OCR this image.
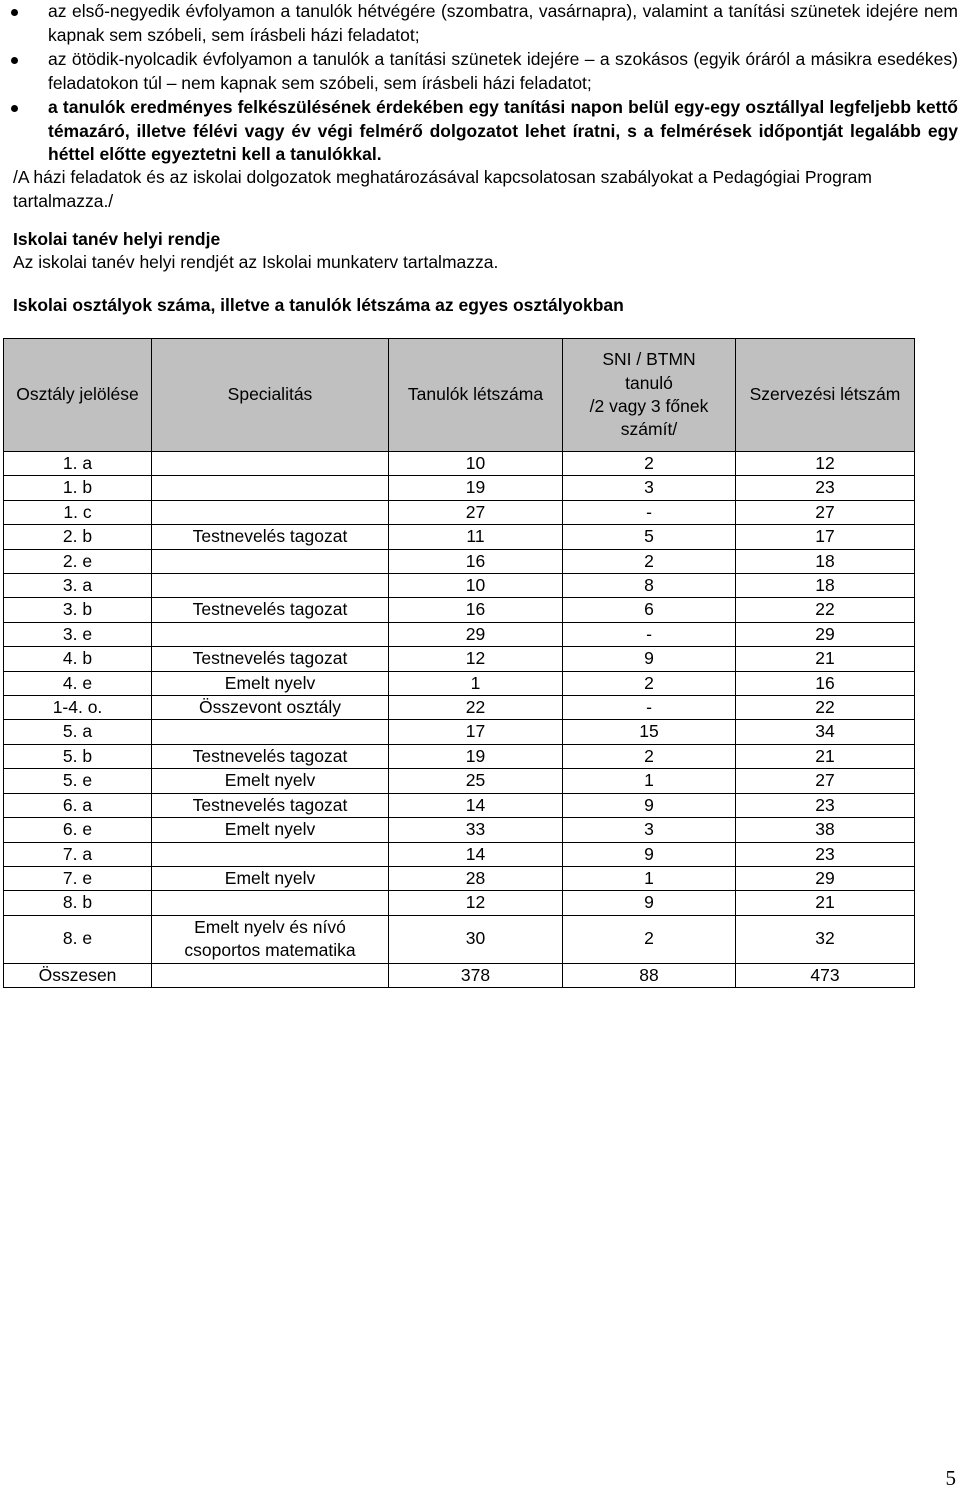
az első-negyedik évfolyamon a tanulók hétvégére (szombatra, vasárnapra), valamint a tanítási szünetek idejére nem kapnak sem szóbeli, sem írásbeli házi feladatot;
az ötödik-nyolcadik évfolyamon a tanulók a tanítási szünetek idejére – a szokásos (egyik óráról a másikra esedékes) feladatokon túl – nem kapnak sem szóbeli, sem írásbeli házi feladatot;
a tanulók eredményes felkészülésének érdekében egy tanítási napon belül egy-egy osztállyal legfeljebb kettő témazáró, illetve félévi vagy év végi felmérő dolgozatot lehet íratni, s a felmérések időpontját legalább egy héttel előtte egyeztetni kell a tanulókkal.

/A házi feladatok és az iskolai dolgozatok meghatározásával kapcsolatosan szabályokat a Pedagógiai Program tartalmazza./

Iskolai tanév helyi rendje

Az iskolai tanév helyi rendjét az Iskolai munkaterv tartalmazza.

Iskolai osztályok száma, illetve a tanulók létszáma az egyes osztályokban

Osztály jelölése	Specialitás	Tanulók létszáma	SNI / BTMN
tanuló
/2 vagy 3 főnek számít/	Szervezési létszám
1. a		10	2	12
1. b		19	3	23
1. c		27	-	27
2. b	Testnevelés tagozat	11	5	17
2. e		16	2	18
3. a		10	8	18
3. b	Testnevelés tagozat	16	6	22
3. e		29	-	29
4. b	Testnevelés tagozat	12	9	21
4. e	Emelt nyelv	1	2	16
1-4. o.	Összevont osztály	22	-	22
5. a		17	15	34
5. b	Testnevelés tagozat	19	2	21
5. e	Emelt nyelv	25	1	27
6. a	Testnevelés tagozat	14	9	23
6. e	Emelt nyelv	33	3	38
7. a		14	9	23
7. e	Emelt nyelv	28	1	29
8. b		12	9	21
8. e	Emelt nyelv és nívó csoportos matematika	30	2	32
Összesen		378	88	473
5
